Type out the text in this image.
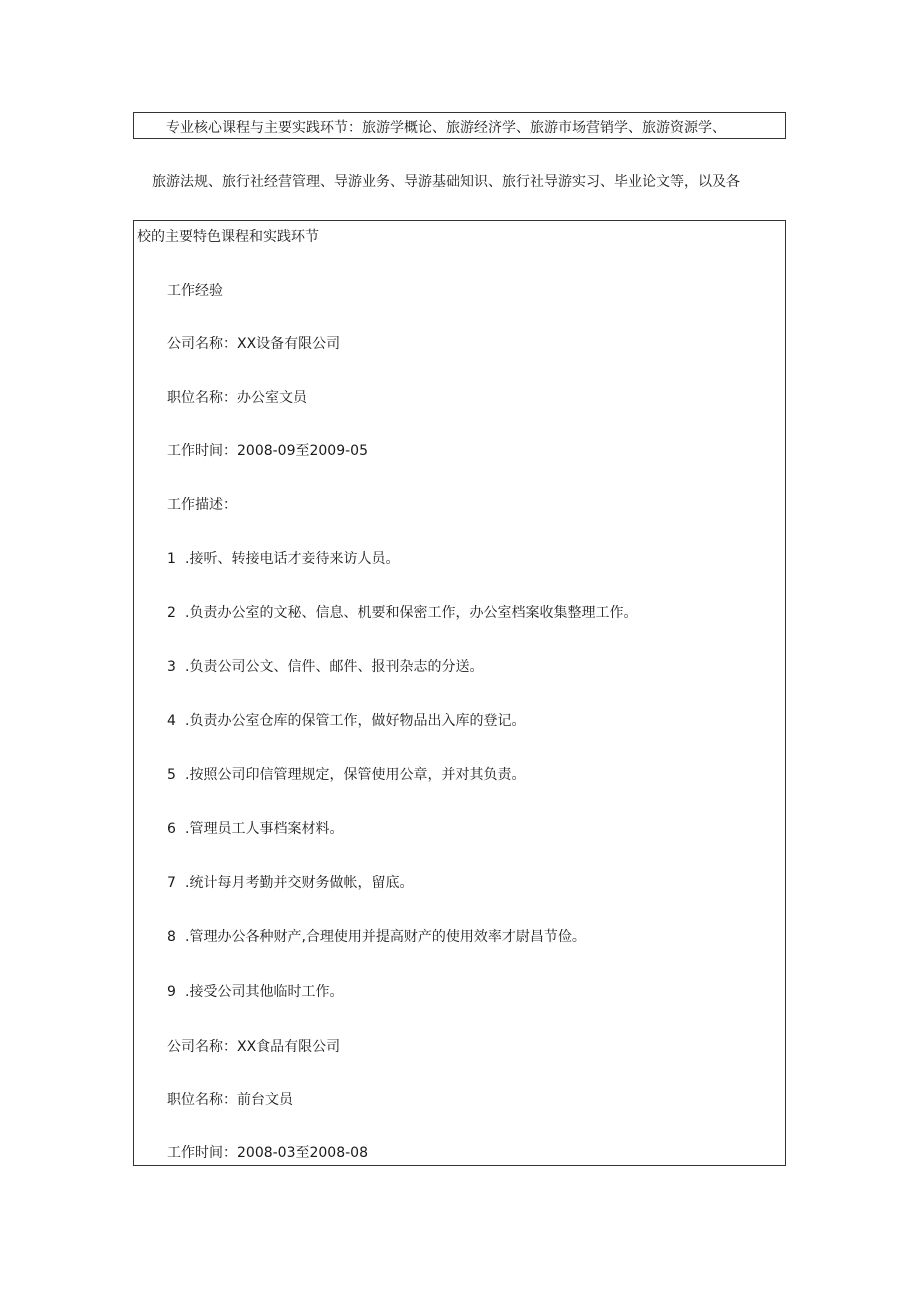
专业核心课程与主要实践环节：旅游学概论、旅游经济学、旅游市场营销学、旅游资源学、
旅游法规、旅行社经营管理、导游业务、导游基础知识、旅行社导游实习、毕业论文等，以及各
校的主要特色课程和实践环节
工作经验
公司名称：XX设备有限公司
职位名称：办公室文员
工作时间：2008-09至2009-05
工作描述：
1 .接听、转接电话才妾待来访人员。
2 .负责办公室的文秘、信息、机要和保密工作，办公室档案收集整理工作。
3 .负责公司公文、信件、邮件、报刊杂志的分送。
4 .负责办公室仓库的保管工作，做好物品出入库的登记。
5 .按照公司印信管理规定，保管使用公章，并对其负责。
6 .管理员工人事档案材料。
7 .统计每月考勤并交财务做帐，留底。
8 .管理办公各种财产,合理使用并提高财产的使用效率才尉昌节俭。
9 .接受公司其他临时工作。
公司名称：XX食品有限公司
职位名称：前台文员
工作时间：2008-03至2008-08
